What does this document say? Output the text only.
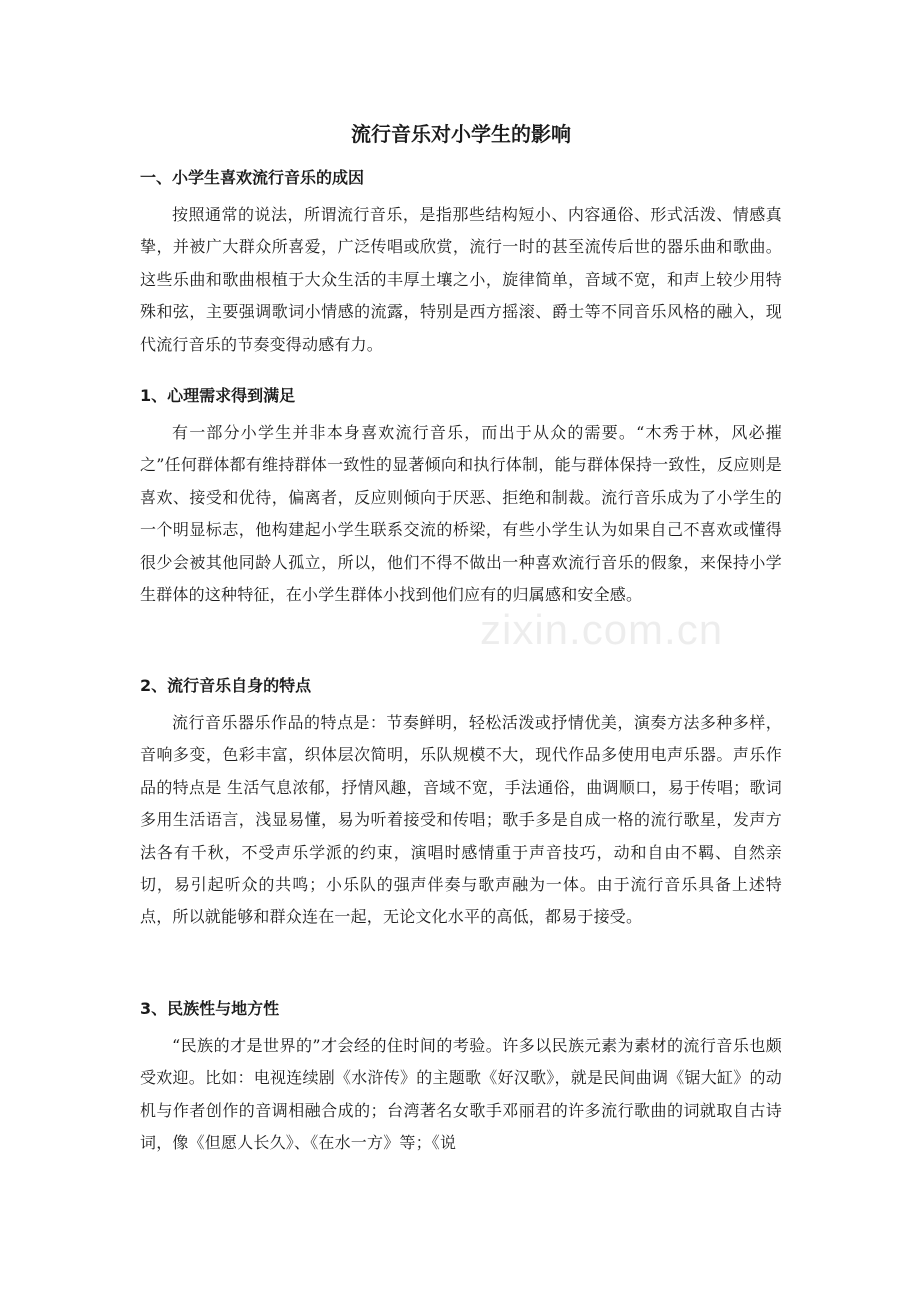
流行音乐对小学生的影响
一、小学生喜欢流行音乐的成因

按照通常的说法，所谓流行音乐，是指那些结构短小、内容通俗、形式活泼、情感真挚，并被广大群众所喜爱，广泛传唱或欣赏，流行一时的甚至流传后世的器乐曲和歌曲。这些乐曲和歌曲根植于大众生活的丰厚土壤之小，旋律简单，音域不宽，和声上较少用特殊和弦，主要强调歌词小情感的流露，特别是西方摇滚、爵士等不同音乐风格的融入，现代流行音乐的节奏变得动感有力。

1、心理需求得到满足

有一部分小学生并非本身喜欢流行音乐，而出于从众的需要。“木秀于林，风必摧之”任何群体都有维持群体一致性的显著倾向和执行体制，能与群体保持一致性，反应则是喜欢、接受和优待，偏离者，反应则倾向于厌恶、拒绝和制裁。流行音乐成为了小学生的一个明显标志，他构建起小学生联系交流的桥梁，有些小学生认为如果自己不喜欢或懂得很少会被其他同龄人孤立，所以，他们不得不做出一种喜欢流行音乐的假象，来保持小学生群体的这种特征，在小学生群体小找到他们应有的归属感和安全感。

2、流行音乐自身的特点

流行音乐器乐作品的特点是：节奏鲜明，轻松活泼或抒情优美，演奏方法多种多样，音响多变，色彩丰富，织体层次简明，乐队规模不大，现代作品多使用电声乐器。声乐作品的特点是 生活气息浓郁，抒情风趣，音域不宽，手法通俗，曲调顺口，易于传唱；歌词多用生活语言，浅显易懂，易为听着接受和传唱；歌手多是自成一格的流行歌星，发声方法各有千秋，不受声乐学派的约束，演唱时感情重于声音技巧，动和自由不羁、自然亲切，易引起听众的共鸣；小乐队的强声伴奏与歌声融为一体。由于流行音乐具备上述特点，所以就能够和群众连在一起，无论文化水平的高低，都易于接受。

3、民族性与地方性

“民族的才是世界的”才会经的住时间的考验。许多以民族元素为素材的流行音乐也颇受欢迎。比如：电视连续剧《水浒传》的主题歌《好汉歌》，就是民间曲调《锯大缸》的动机与作者创作的音调相融合成的；台湾著名女歌手邓丽君的许多流行歌曲的词就取自古诗词，像《但愿人长久》、《在水一方》等；《说

zixin.com.cn
